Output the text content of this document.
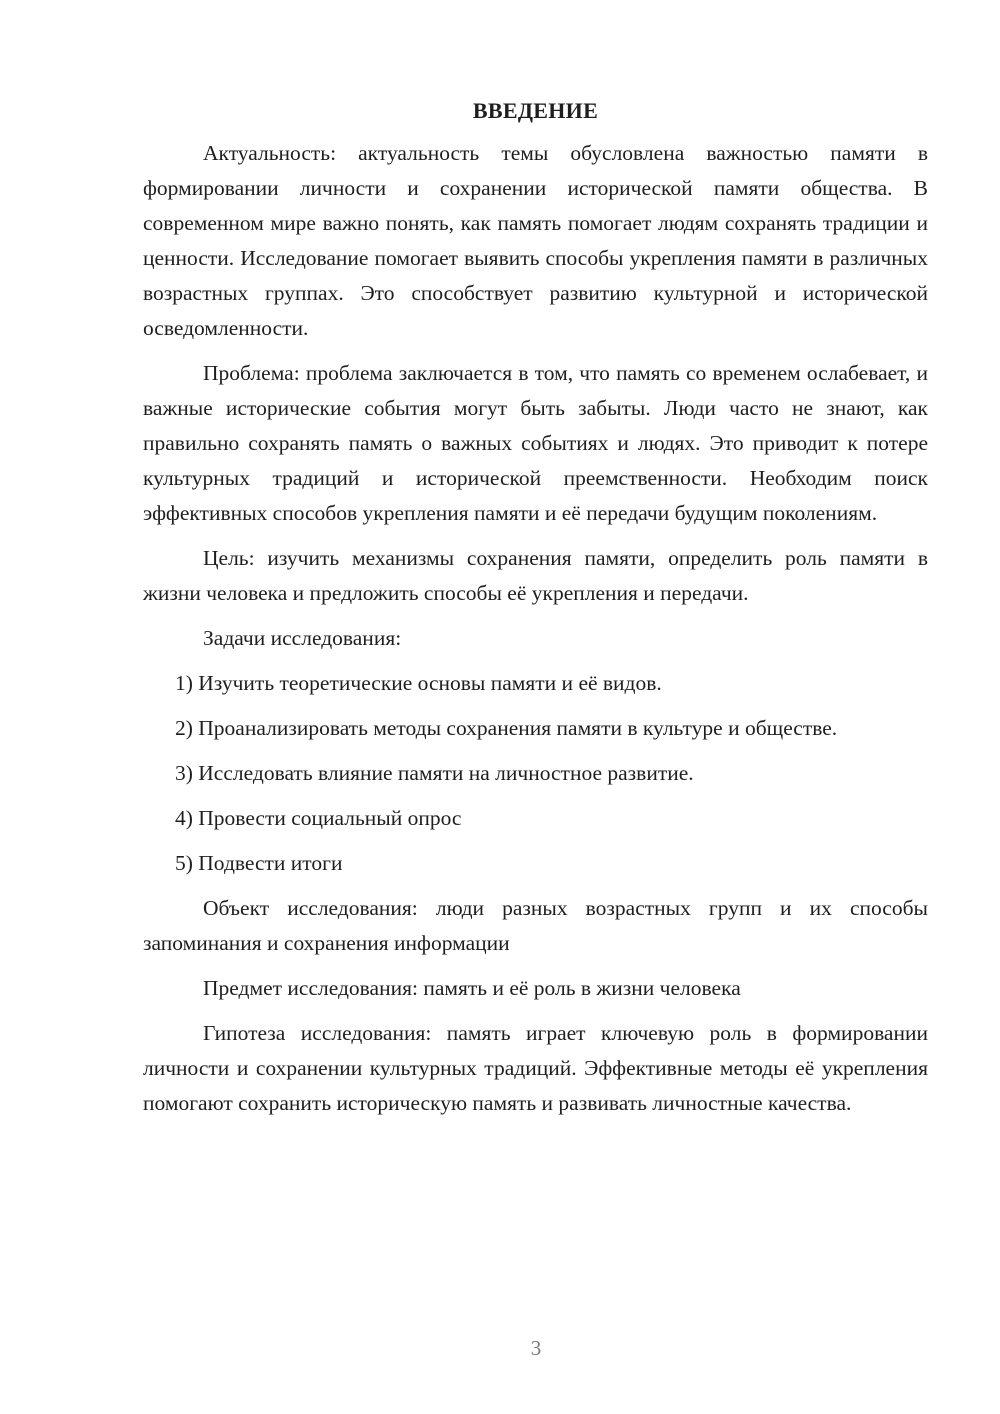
ВВЕДЕНИЕ

Актуальность: актуальность темы обусловлена важностью памяти в формировании личности и сохранении исторической памяти общества. В современном мире важно понять, как память помогает людям сохранять традиции и ценности. Исследование помогает выявить способы укрепления памяти в различных возрастных группах. Это способствует развитию культурной и исторической осведомленности.

Проблема: проблема заключается в том, что память со временем ослабевает, и важные исторические события могут быть забыты. Люди часто не знают, как правильно сохранять память о важных событиях и людях. Это приводит к потере культурных традиций и исторической преемственности. Необходим поиск эффективных способов укрепления памяти и её передачи будущим поколениям.

Цель: изучить механизмы сохранения памяти, определить роль памяти в жизни человека и предложить способы её укрепления и передачи.

Задачи исследования:

1) Изучить теоретические основы памяти и её видов.

2) Проанализировать методы сохранения памяти в культуре и обществе.

3) Исследовать влияние памяти на личностное развитие.

4) Провести социальный опрос

5) Подвести итоги

Объект исследования: люди разных возрастных групп и их способы запоминания и сохранения информации

Предмет исследования: память и её роль в жизни человека

Гипотеза исследования: память играет ключевую роль в формировании личности и сохранении культурных традиций. Эффективные методы её укрепления помогают сохранить историческую память и развивать личностные качества.

3
